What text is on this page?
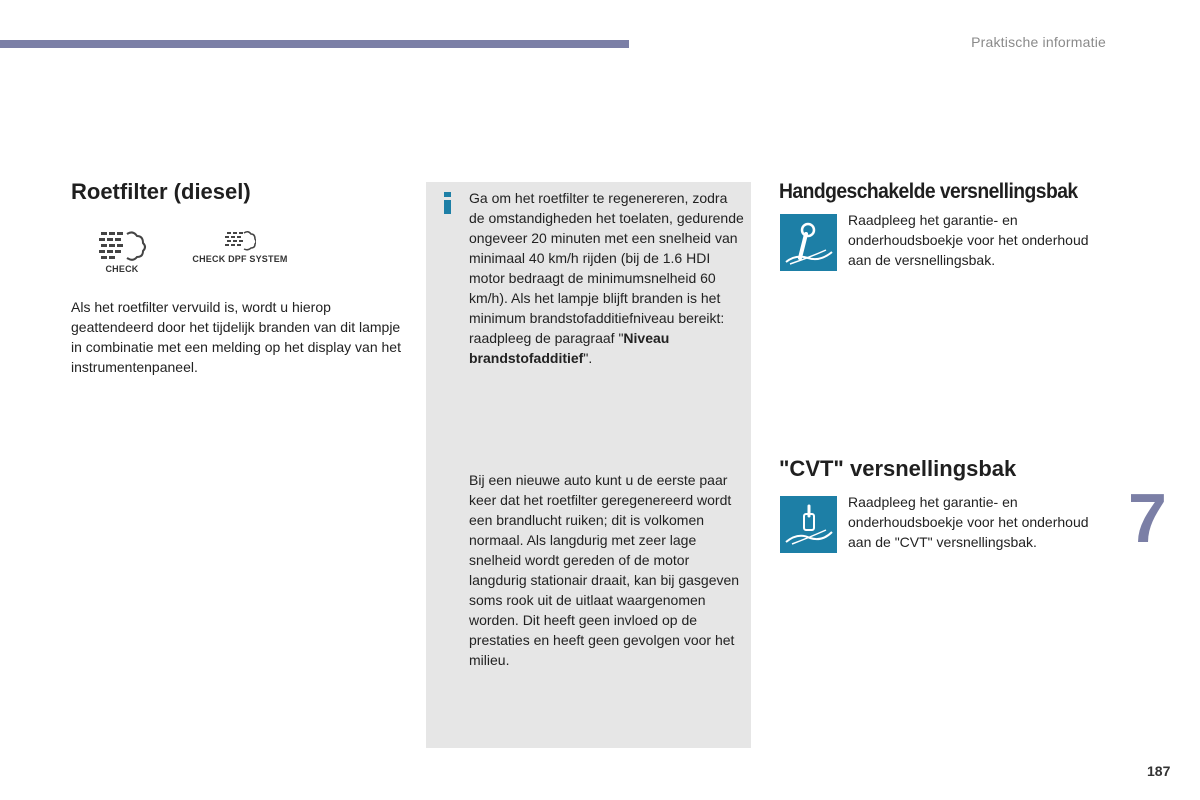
Praktische informatie
Roetfilter (diesel)
CHECK
CHECK DPF SYSTEM

Als het roetfilter vervuild is, wordt u hierop geattendeerd door het tijdelijk branden van dit lampje in combinatie met een melding op het display van het instrumentenpaneel.

Ga om het roetfilter te regenereren, zodra de omstandigheden het toelaten, gedurende ongeveer 20 minuten met een snelheid van minimaal 40 km/h rijden (bij de 1.6 HDI motor bedraagt de minimumsnelheid 60 km/h). Als het lampje blijft branden is het minimum brandstofadditiefniveau bereikt: raadpleeg de paragraaf "Niveau brandstofadditief".

Bij een nieuwe auto kunt u de eerste paar keer dat het roetfilter geregenereerd wordt een brandlucht ruiken; dit is volkomen normaal. Als langdurig met zeer lage snelheid wordt gereden of de motor langdurig stationair draait, kan bij gasgeven soms rook uit de uitlaat waargenomen worden. Dit heeft geen invloed op de prestaties en heeft geen gevolgen voor het milieu.

Handgeschakelde versnellingsbak

Raadpleeg het garantie- en onderhoudsboekje voor het onderhoud aan de versnellingsbak.

"CVT" versnellingsbak

Raadpleeg het garantie- en onderhoudsboekje voor het onderhoud aan de "CVT" versnellingsbak.	7
187
